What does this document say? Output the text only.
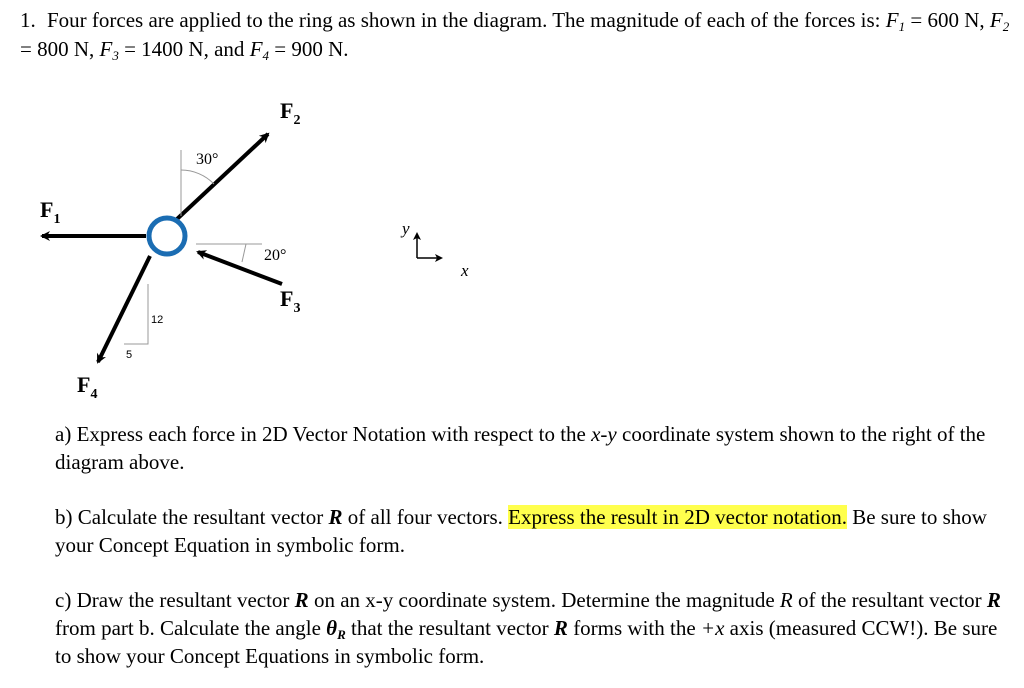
1. Four forces are applied to the ring as shown in the diagram. The magnitude of each of the forces is: $F_1 = 600$ N, $F_2 = 800$ N, $F_3 = 1400$ N, and $F_4 = 900$ N.
30°
20°
12
5
$F_1$
$F_2$
$F_3$
$F_4$
y
x
a) Express each force in 2D Vector Notation with respect to the x-y coordinate system shown to the right of the diagram above.
b) Calculate the resultant vector R of all four vectors. Express the result in 2D vector notation. Be sure to show your Concept Equation in symbolic form.
c) Draw the resultant vector R on an x-y coordinate system. Determine the magnitude R of the resultant vector R from part b. Calculate the angle $\theta_R$ that the resultant vector R forms with the +x axis (measured CCW!). Be sure to show your Concept Equations in symbolic form.
